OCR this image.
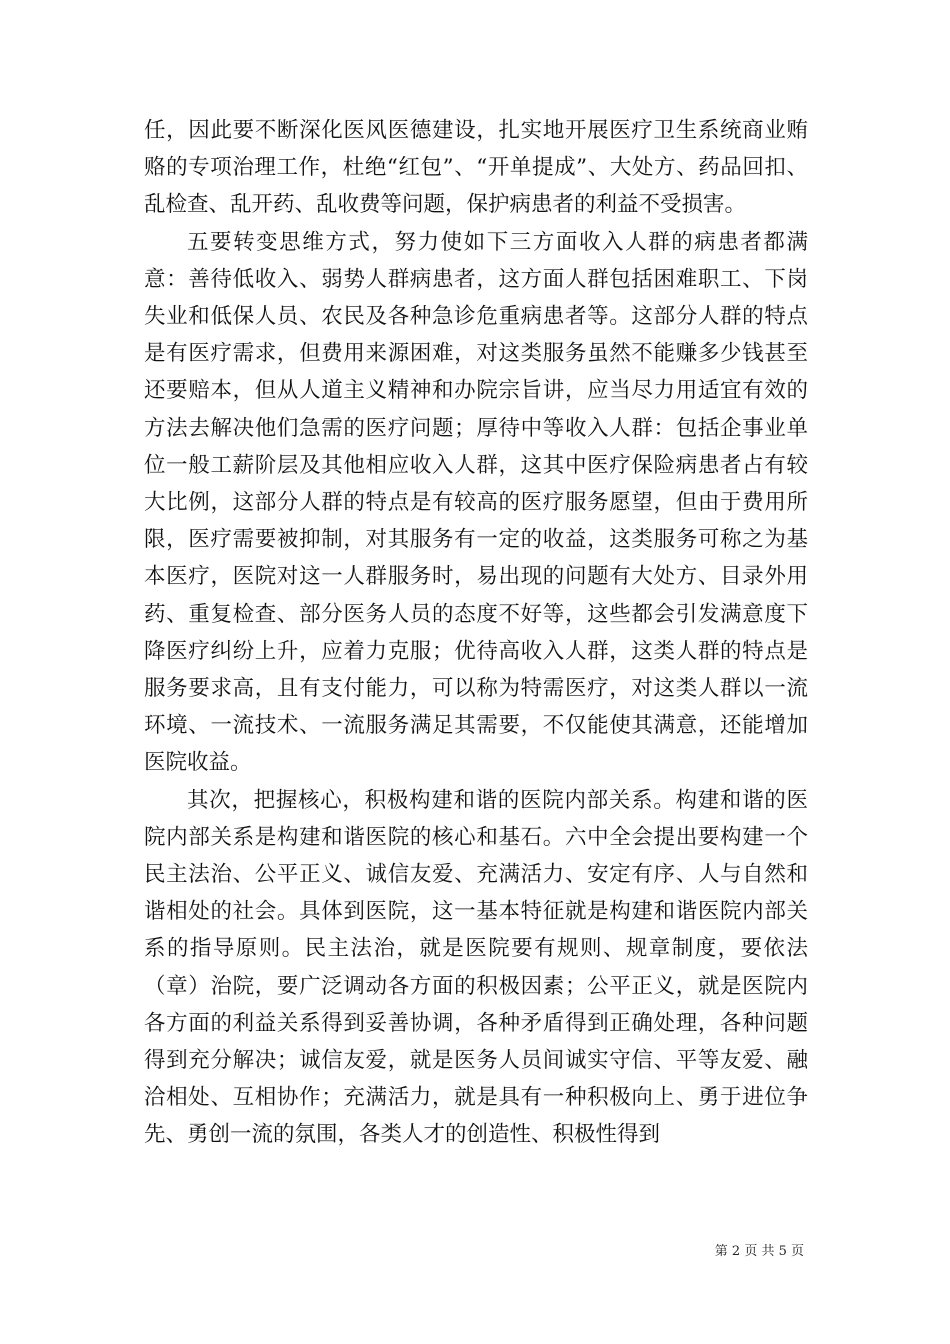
任，因此要不断深化医风医德建设，扎实地开展医疗卫生系统商业贿赂的专项治理工作，杜绝“红包”、“开单提成”、大处方、药品回扣、乱检查、乱开药、乱收费等问题，保护病患者的利益不受损害。

五要转变思维方式，努力使如下三方面收入人群的病患者都满意：善待低收入、弱势人群病患者，这方面人群包括困难职工、下岗失业和低保人员、农民及各种急诊危重病患者等。这部分人群的特点是有医疗需求，但费用来源困难，对这类服务虽然不能赚多少钱甚至还要赔本，但从人道主义精神和办院宗旨讲，应当尽力用适宜有效的方法去解决他们急需的医疗问题；厚待中等收入人群：包括企事业单位一般工薪阶层及其他相应收入人群，这其中医疗保险病患者占有较大比例，这部分人群的特点是有较高的医疗服务愿望，但由于费用所限，医疗需要被抑制，对其服务有一定的收益，这类服务可称之为基本医疗，医院对这一人群服务时，易出现的问题有大处方、目录外用药、重复检查、部分医务人员的态度不好等，这些都会引发满意度下降医疗纠纷上升，应着力克服；优待高收入人群，这类人群的特点是服务要求高，且有支付能力，可以称为特需医疗，对这类人群以一流环境、一流技术、一流服务满足其需要，不仅能使其满意，还能增加医院收益。

其次，把握核心，积极构建和谐的医院内部关系。构建和谐的医院内部关系是构建和谐医院的核心和基石。六中全会提出要构建一个民主法治、公平正义、诚信友爱、充满活力、安定有序、人与自然和谐相处的社会。具体到医院，这一基本特征就是构建和谐医院内部关系的指导原则。民主法治，就是医院要有规则、规章制度，要依法（章）治院，要广泛调动各方面的积极因素；公平正义，就是医院内各方面的利益关系得到妥善协调，各种矛盾得到正确处理，各种问题得到充分解决；诚信友爱，就是医务人员间诚实守信、平等友爱、融洽相处、互相协作；充满活力，就是具有一种积极向上、勇于进位争先、勇创一流的氛围，各类人才的创造性、积极性得到

第 2 页 共 5 页
